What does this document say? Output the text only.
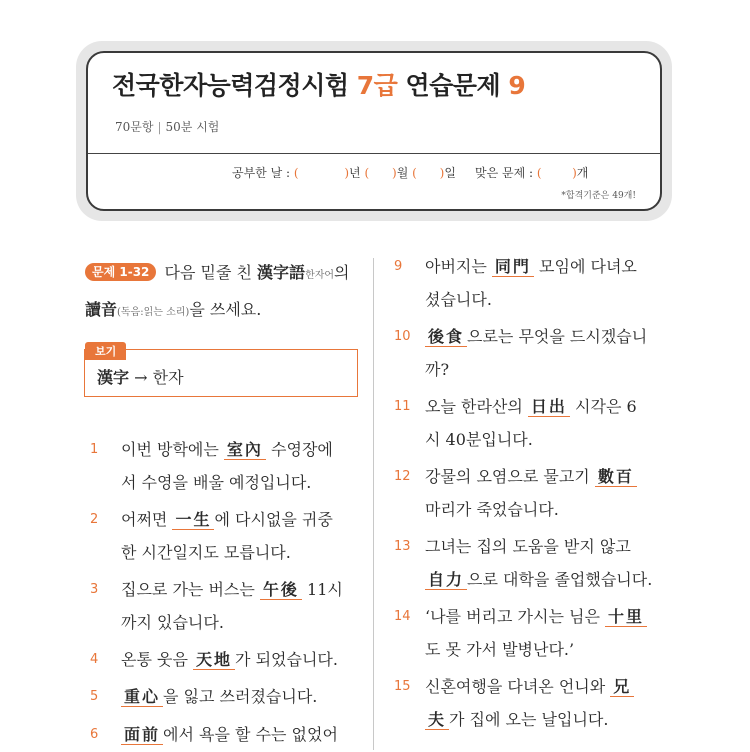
전국한자능력검정시험 7급 연습문제 9
70문항 | 50분 시험
공부한 날 : (            )년 (      )월 (      )일 맞은 문제 : (        )개
*합격기준은 49개!
문제 1-32 다음 밑줄 친 漢字語한자어의 讀音(독음:읽는 소리)을 쓰세요.
보기
漢字 → 한자
1 이번 방학에는 室內 수영장에
서 수영을 배울 예정입니다.
2 어쩌면 一生 에 다시없을 귀중
한 시간일지도 모릅니다.
3 집으로 가는 버스는 午後 11시
까지 있습니다.
4 온통 웃음 天地 가 되었습니다.
5 重心 을 잃고 쓰러졌습니다.
6 面前 에서 욕을 할 수는 없었어
9 아버지는 同門 모임에 다녀오
셨습니다.
10 後食 으로는 무엇을 드시겠습니
까?
11 오늘 한라산의 日出 시각은 6
시 40분입니다.
12 강물의 오염으로 물고기 數百
마리가 죽었습니다.
13 그녀는 집의 도움을 받지 않고
自力 으로 대학을 졸업했습니다.
14 ‘나를 버리고 가시는 님은 十里
도 못 가서 발병난다.’
15 신혼여행을 다녀온 언니와 兄
夫 가 집에 오는 날입니다.
